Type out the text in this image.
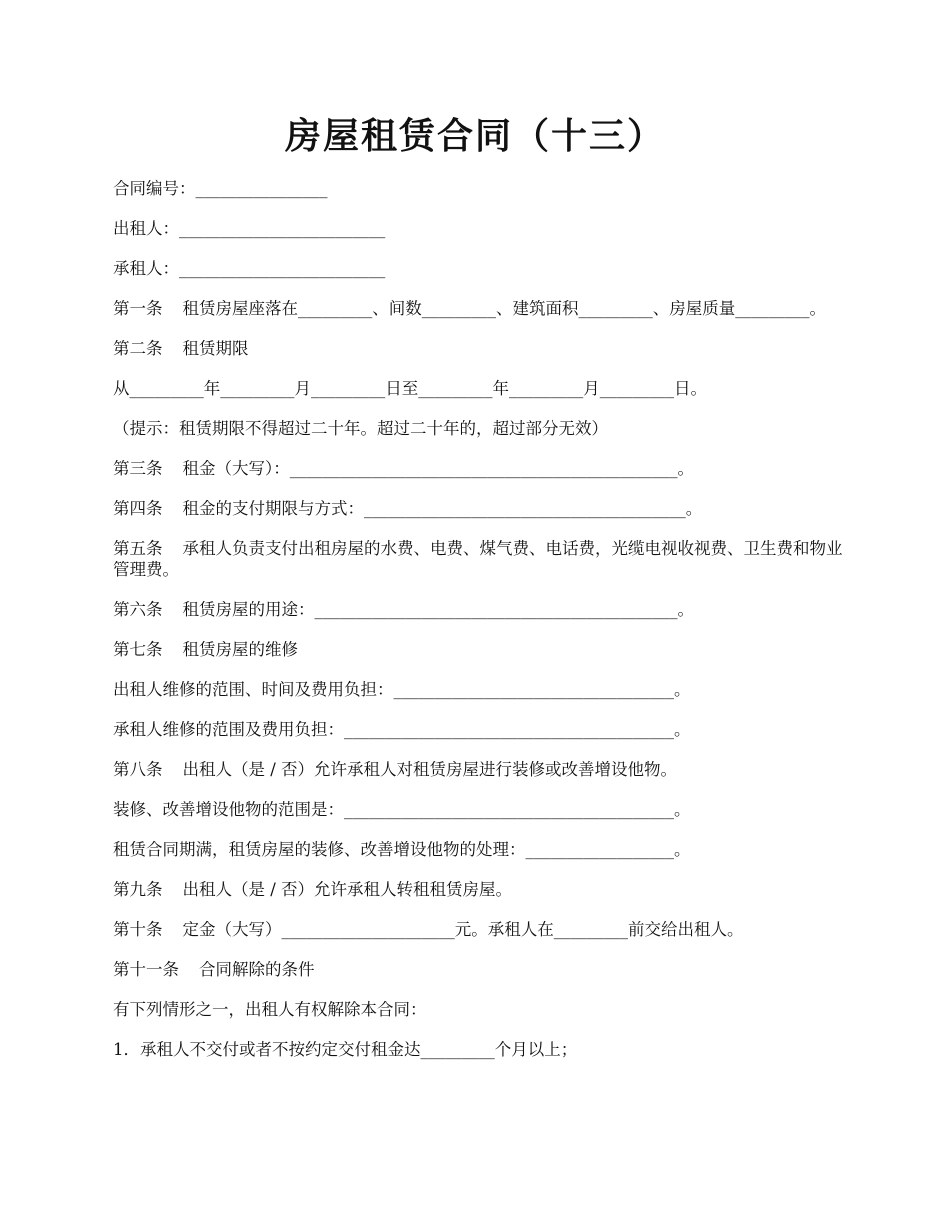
房屋租赁合同（十三）

合同编号：________________

出租人：_________________________

承租人：_________________________

第一条 租赁房屋座落在_________、间数_________、建筑面积_________、房屋质量_________。

第二条 租赁期限

从_________年_________月_________日至_________年_________月_________日。

（提示：租赁期限不得超过二十年。超过二十年的，超过部分无效）

第三条 租金（大写）：_______________________________________________。

第四条 租金的支付期限与方式：_______________________________________。

第五条 承租人负责支付出租房屋的水费、电费、煤气费、电话费，光缆电视收视费、卫生费和物业管理费。

第六条 租赁房屋的用途：____________________________________________。

第七条 租赁房屋的维修

出租人维修的范围、时间及费用负担：__________________________________。

承租人维修的范围及费用负担：________________________________________。

第八条 出租人（是 / 否）允许承租人对租赁房屋进行装修或改善增设他物。

装修、改善增设他物的范围是：________________________________________。

租赁合同期满，租赁房屋的装修、改善增设他物的处理：__________________。

第九条 出租人（是 / 否）允许承租人转租租赁房屋。

第十条 定金（大写）_____________________元。承租人在_________前交给出租人。

第十一条 合同解除的条件

有下列情形之一，出租人有权解除本合同：

1．承租人不交付或者不按约定交付租金达_________个月以上；
